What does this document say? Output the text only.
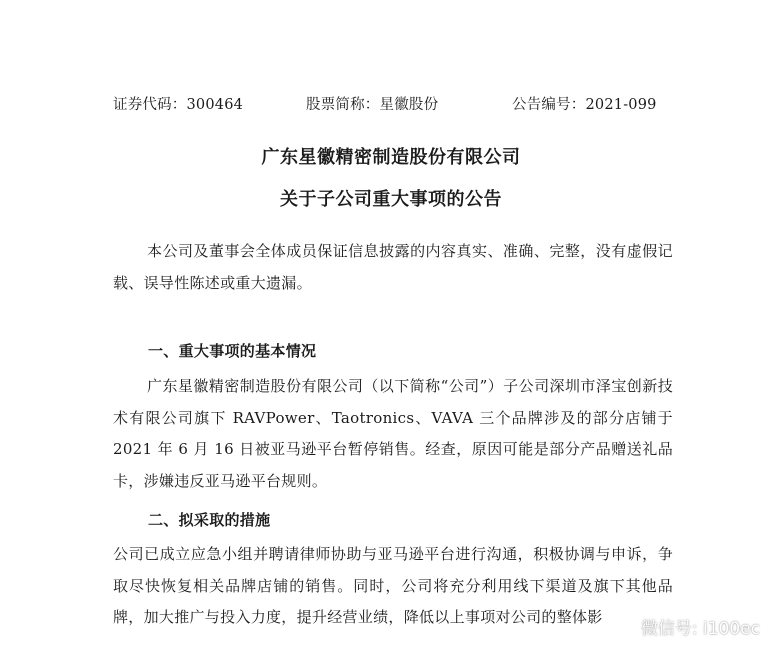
证券代码：300464	股票简称：星徽股份	公告编号：2021-099
广东星徽精密制造股份有限公司
关于子公司重大事项的公告
本公司及董事会全体成员保证信息披露的内容真实、准确、完整，没有虚假记载、误导性陈述或重大遗漏。
一、重大事项的基本情况
广东星徽精密制造股份有限公司（以下简称“公司”）子公司深圳市泽宝创新技术有限公司旗下 RAVPower、Taotronics、VAVA 三个品牌涉及的部分店铺于 2021 年 6 月 16 日被亚马逊平台暂停销售。经查，原因可能是部分产品赠送礼品卡，涉嫌违反亚马逊平台规则。
二、拟采取的措施
公司已成立应急小组并聘请律师协助与亚马逊平台进行沟通，积极协调与申诉，争取尽快恢复相关品牌店铺的销售。同时，公司将充分利用线下渠道及旗下其他品牌，加大推广与投入力度，提升经营业绩，降低以上事项对公司的整体影
微信号: i100ec
